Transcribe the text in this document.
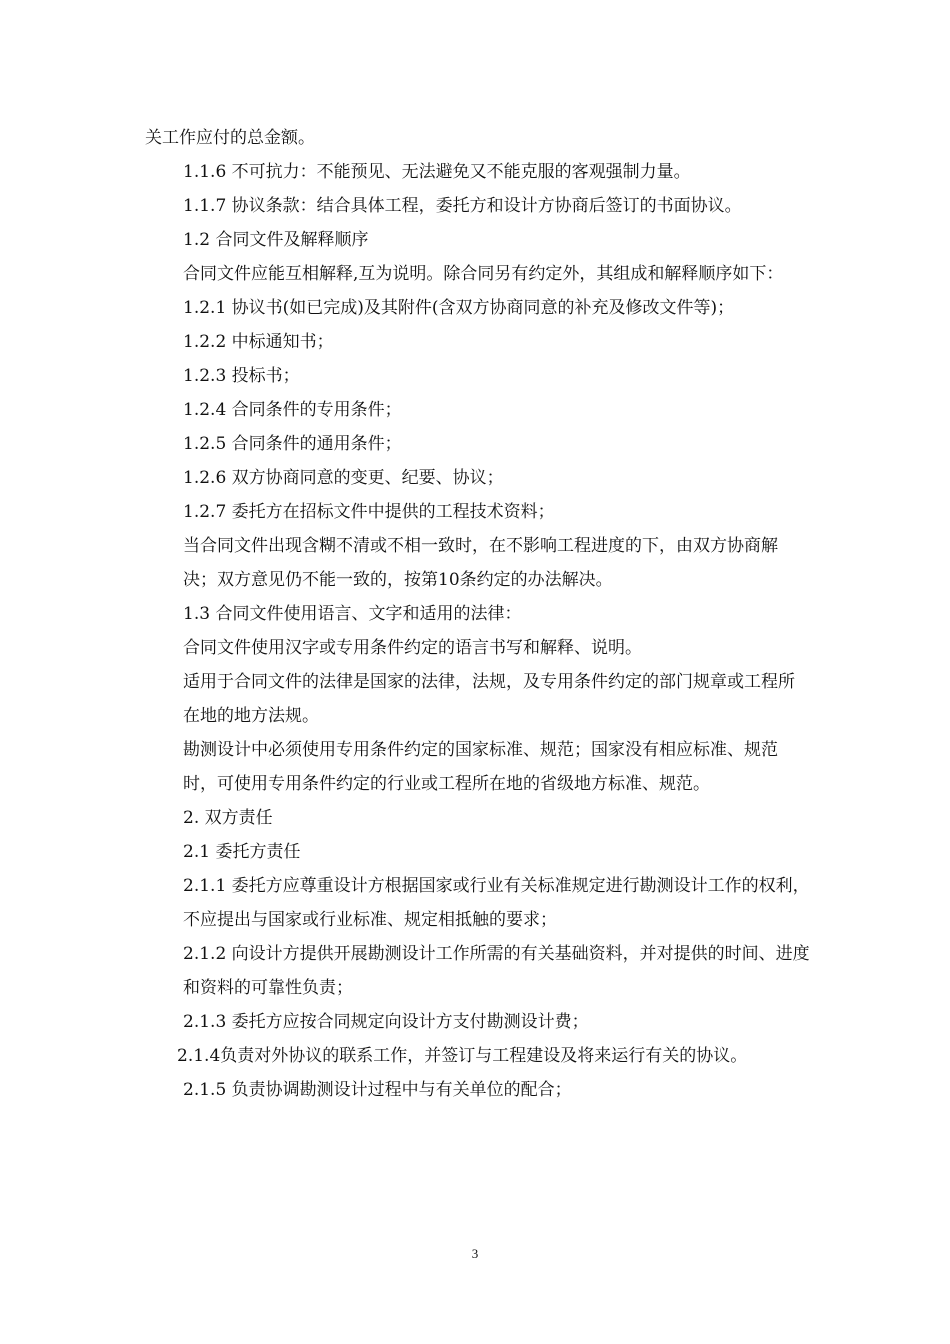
关工作应付的总金额。

1.1.6 不可抗力：不能预见、无法避免又不能克服的客观强制力量。

1.1.7 协议条款：结合具体工程，委托方和设计方协商后签订的书面协议。

1.2 合同文件及解释顺序

合同文件应能互相解释,互为说明。除合同另有约定外，其组成和解释顺序如下：

1.2.1 协议书(如已完成)及其附件(含双方协商同意的补充及修改文件等)；

1.2.2 中标通知书；

1.2.3 投标书；

1.2.4 合同条件的专用条件；

1.2.5 合同条件的通用条件；

1.2.6 双方协商同意的变更、纪要、协议；

1.2.7 委托方在招标文件中提供的工程技术资料；

当合同文件出现含糊不清或不相一致时，在不影响工程进度的下，由双方协商解决；双方意见仍不能一致的，按第10条约定的办法解决。

1.3 合同文件使用语言、文字和适用的法律：

合同文件使用汉字或专用条件约定的语言书写和解释、说明。

适用于合同文件的法律是国家的法律，法规，及专用条件约定的部门规章或工程所在地的地方法规。

勘测设计中必须使用专用条件约定的国家标准、规范；国家没有相应标准、规范时，可使用专用条件约定的行业或工程所在地的省级地方标准、规范。

2. 双方责任

2.1 委托方责任

2.1.1 委托方应尊重设计方根据国家或行业有关标准规定进行勘测设计工作的权利，不应提出与国家或行业标准、规定相抵触的要求；

2.1.2 向设计方提供开展勘测设计工作所需的有关基础资料，并对提供的时间、进度和资料的可靠性负责；

2.1.3 委托方应按合同规定向设计方支付勘测设计费；

2.1.4负责对外协议的联系工作，并签订与工程建设及将来运行有关的协议。

2.1.5 负责协调勘测设计过程中与有关单位的配合；

3
